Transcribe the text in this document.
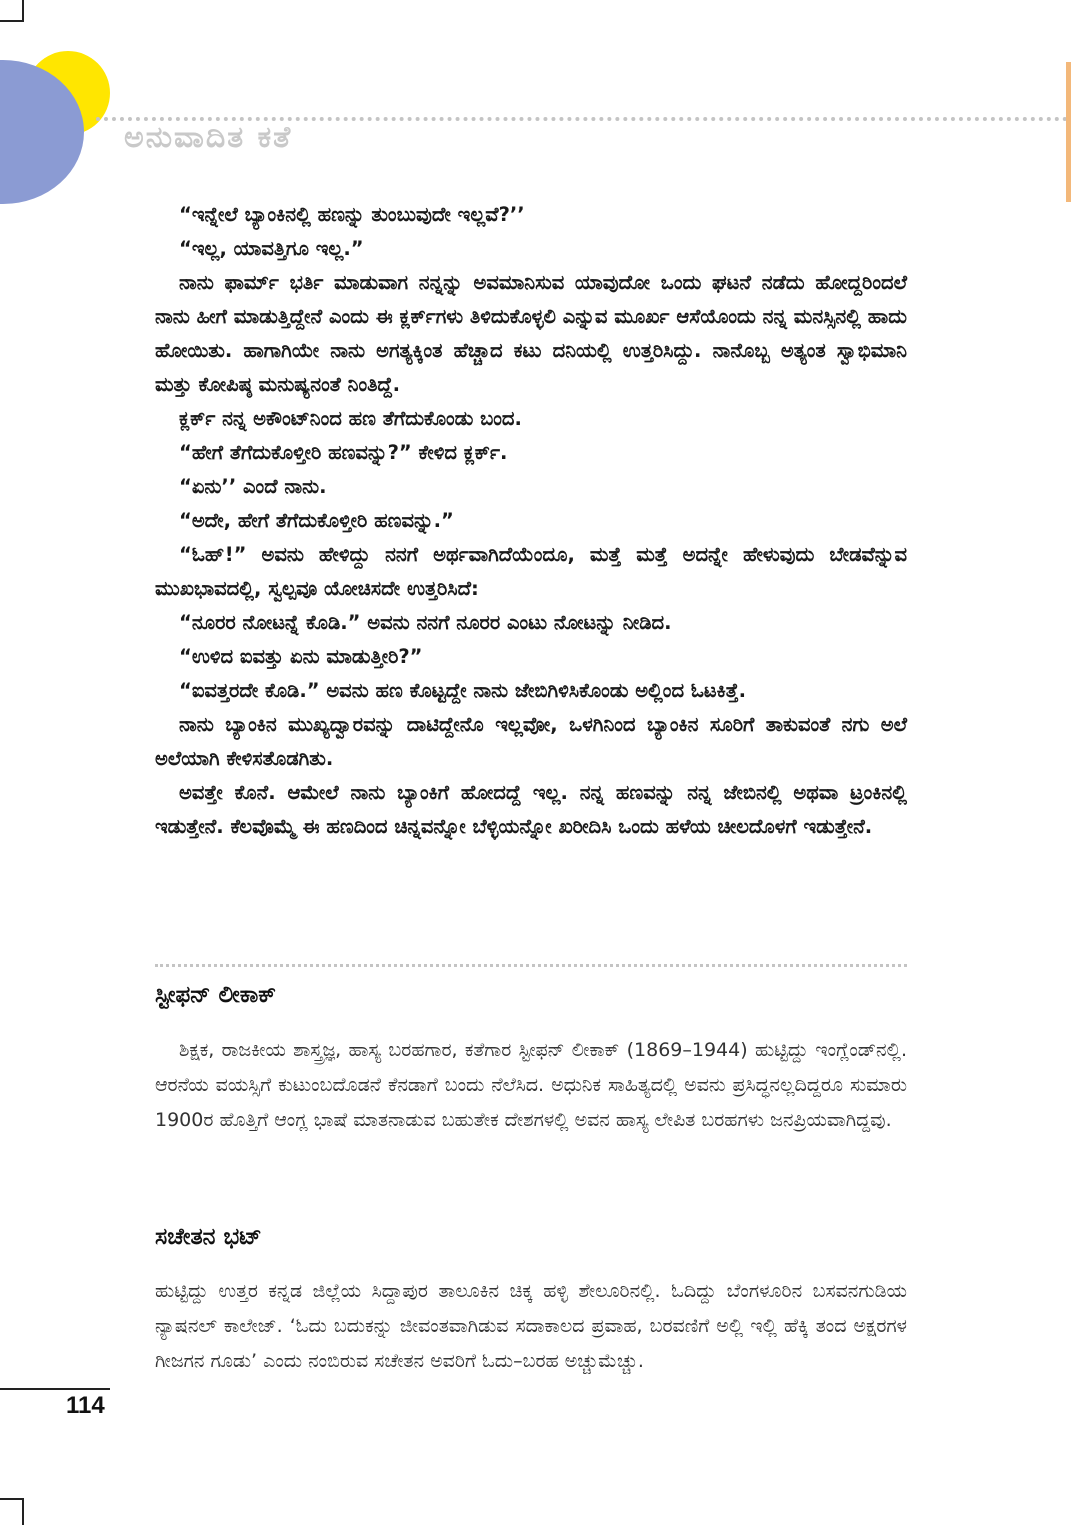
ಅನುವಾದಿತ ಕತೆ

“ಇನ್ನೇಲೆ ಬ್ಯಾಂಕಿನಲ್ಲಿ ಹಣನ್ನು ತುಂಬುವುದೇ ಇಲ್ಲವೆ?’’

“ಇಲ್ಲ, ಯಾವತ್ತಿಗೂ ಇಲ್ಲ.”

ನಾನು ಫಾರ್ಮ್ ಭರ್ತಿ ಮಾಡುವಾಗ ನನ್ನನ್ನು ಅವಮಾನಿಸುವ ಯಾವುದೋ ಒಂದು ಘಟನೆ ನಡೆದು ಹೋದ್ದರಿಂದಲೆ ನಾನು ಹೀಗೆ ಮಾಡುತ್ತಿದ್ದೇನೆ ಎಂದು ಈ ಕ್ಲರ್ಕ್‌ಗಳು ತಿಳಿದುಕೊಳ್ಳಲಿ ಎನ್ನುವ ಮೂರ್ಖ ಆಸೆಯೊಂದು ನನ್ನ ಮನಸ್ಸಿನಲ್ಲಿ ಹಾದು ಹೋಯಿತು. ಹಾಗಾಗಿಯೇ ನಾನು ಅಗತ್ಯಕ್ಕಿಂತ ಹೆಚ್ಚಾದ ಕಟು ದನಿಯಲ್ಲಿ ಉತ್ತರಿಸಿದ್ದು. ನಾನೊಬ್ಬ ಅತ್ಯಂತ ಸ್ವಾಭಿಮಾನಿ ಮತ್ತು ಕೋಪಿಷ್ಠ ಮನುಷ್ಯನಂತೆ ನಿಂತಿದ್ದೆ.

ಕ್ಲರ್ಕ್ ನನ್ನ ಅಕೌಂಟ್‌ನಿಂದ ಹಣ ತೆಗೆದುಕೊಂಡು ಬಂದ.

“ಹೇಗೆ ತೆಗೆದುಕೊಳ್ತೀರಿ ಹಣವನ್ನು?” ಕೇಳಿದ ಕ್ಲರ್ಕ್.

“ಏನು’’ ಎಂದೆ ನಾನು.

“ಅದೇ, ಹೇಗೆ ತೆಗೆದುಕೊಳ್ತೀರಿ ಹಣವನ್ನು.”

“ಓಹ್!” ಅವನು ಹೇಳಿದ್ದು ನನಗೆ ಅರ್ಥವಾಗಿದೆಯೆಂದೂ, ಮತ್ತೆ ಮತ್ತೆ ಅದನ್ನೇ ಹೇಳುವುದು ಬೇಡವೆನ್ನುವ ಮುಖಭಾವದಲ್ಲಿ, ಸ್ವಲ್ಪವೂ ಯೋಚಿಸದೇ ಉತ್ತರಿಸಿದೆ:

“ನೂರರ ನೋಟನ್ನೆ ಕೊಡಿ.” ಅವನು ನನಗೆ ನೂರರ ಎಂಟು ನೋಟನ್ನು ನೀಡಿದ.

“ಉಳಿದ ಐವತ್ತು ಏನು ಮಾಡುತ್ತೀರಿ?”

“ಐವತ್ತರದೇ ಕೊಡಿ.” ಅವನು ಹಣ ಕೊಟ್ಟದ್ದೇ ನಾನು ಜೇಬಿಗಿಳಿಸಿಕೊಂಡು ಅಲ್ಲಿಂದ ಓಟಕಿತ್ತೆ.

ನಾನು ಬ್ಯಾಂಕಿನ ಮುಖ್ಯದ್ವಾರವನ್ನು ದಾಟಿದ್ದೇನೊ ಇಲ್ಲವೋ, ಒಳಗಿನಿಂದ ಬ್ಯಾಂಕಿನ ಸೂರಿಗೆ ತಾಕುವಂತೆ ನಗು ಅಲೆ ಅಲೆಯಾಗಿ ಕೇಳಿಸತೊಡಗಿತು.

ಅವತ್ತೇ ಕೊನೆ. ಆಮೇಲೆ ನಾನು ಬ್ಯಾಂಕಿಗೆ ಹೋದದ್ದೆ ಇಲ್ಲ. ನನ್ನ ಹಣವನ್ನು ನನ್ನ ಜೇಬಿನಲ್ಲಿ ಅಥವಾ ಟ್ರಂಕಿನಲ್ಲಿ ಇಡುತ್ತೇನೆ. ಕೆಲವೊಮ್ಮೆ ಈ ಹಣದಿಂದ ಚಿನ್ನವನ್ನೋ ಬೆಳ್ಳಿಯನ್ನೋ ಖರೀದಿಸಿ ಒಂದು ಹಳೆಯ ಚೀಲದೊಳಗೆ ಇಡುತ್ತೇನೆ.

ಸ್ಟೀಫನ್ ಲೀಕಾಕ್

ಶಿಕ್ಷಕ, ರಾಜಕೀಯ ಶಾಸ್ತ್ರಜ್ಞ, ಹಾಸ್ಯ ಬರಹಗಾರ, ಕತೆಗಾರ ಸ್ಟೀಫನ್ ಲೀಕಾಕ್ (1869–1944) ಹುಟ್ಟಿದ್ದು ಇಂಗ್ಲೆಂಡ್‌ನಲ್ಲಿ. ಆರನೆಯ ವಯಸ್ಸಿಗೆ ಕುಟುಂಬದೊಡನೆ ಕೆನಡಾಗೆ ಬಂದು ನೆಲೆಸಿದ. ಅಧುನಿಕ ಸಾಹಿತ್ಯದಲ್ಲಿ ಅವನು ಪ್ರಸಿದ್ಧನಲ್ಲದಿದ್ದರೂ ಸುಮಾರು 1900ರ ಹೊತ್ತಿಗೆ ಆಂಗ್ಲ ಭಾಷೆ ಮಾತನಾಡುವ ಬಹುತೇಕ ದೇಶಗಳಲ್ಲಿ ಅವನ ಹಾಸ್ಯ ಲೇಪಿತ ಬರಹಗಳು ಜನಪ್ರಿಯವಾಗಿದ್ದವು.

ಸಚೇತನ ಭಟ್

ಹುಟ್ಟಿದ್ದು ಉತ್ತರ ಕನ್ನಡ ಜಿಲ್ಲೆಯ ಸಿದ್ದಾಪುರ ತಾಲೂಕಿನ ಚಿಕ್ಕ ಹಳ್ಳಿ ಶೇಲೂರಿನಲ್ಲಿ. ಓದಿದ್ದು ಬೆಂಗಳೂರಿನ ಬಸವನಗುಡಿಯ ನ್ಯಾಷನಲ್ ಕಾಲೇಜ್. ‘ಓದು ಬದುಕನ್ನು ಜೀವಂತವಾಗಿಡುವ ಸದಾಕಾಲದ ಪ್ರವಾಹ, ಬರವಣಿಗೆ ಅಲ್ಲಿ ಇಲ್ಲಿ ಹೆಕ್ಕಿ ತಂದ ಅಕ್ಷರಗಳ ಗೀಜಗನ ಗೂಡು’ ಎಂದು ನಂಬಿರುವ ಸಚೇತನ ಅವರಿಗೆ ಓದು–ಬರಹ ಅಚ್ಚುಮೆಚ್ಚು.

114
